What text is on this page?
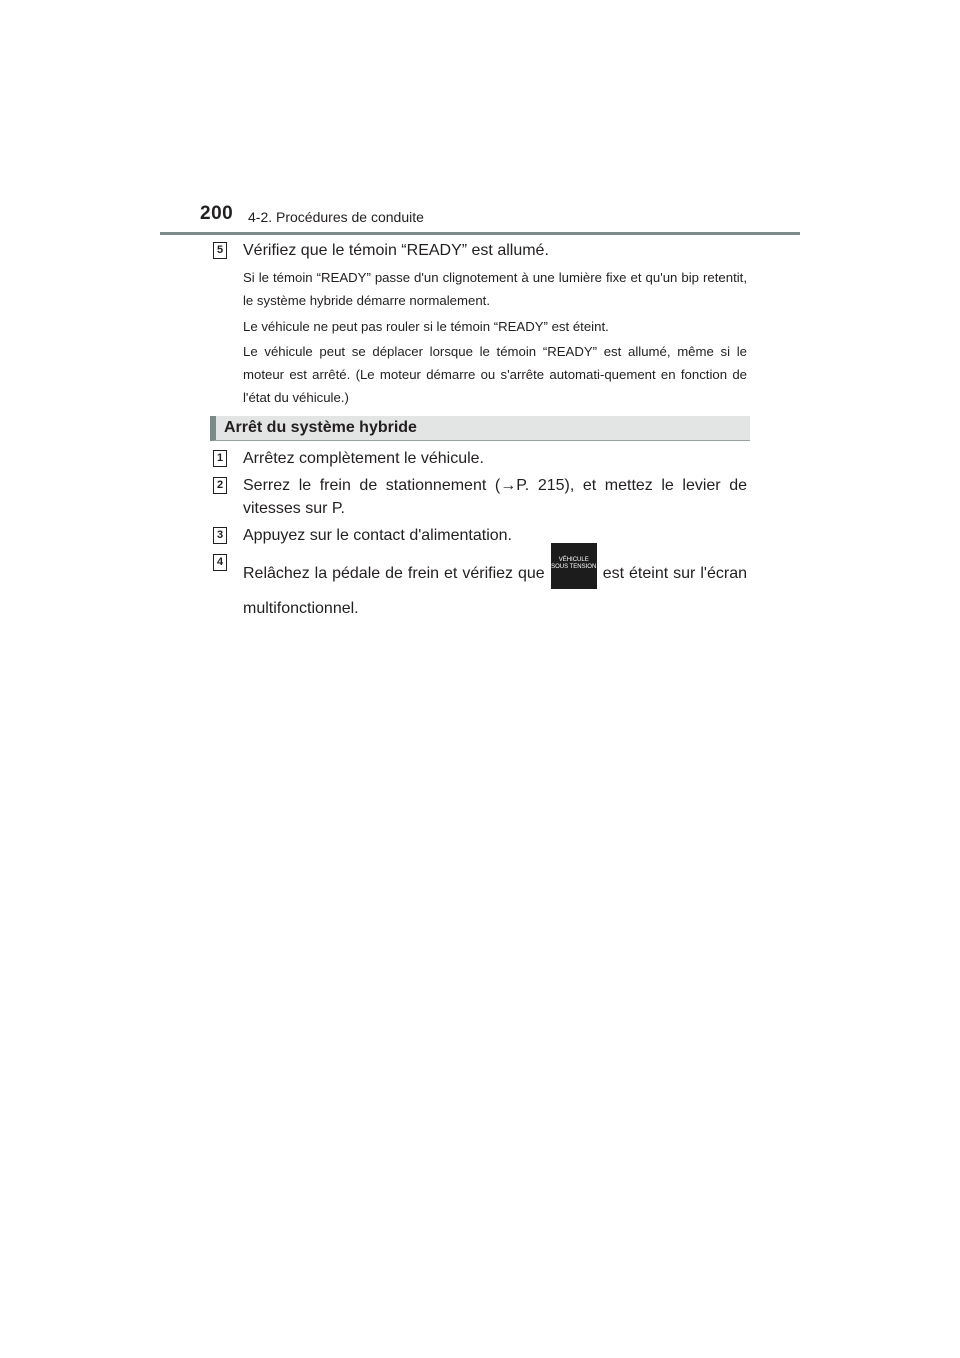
200 4-2. Procédures de conduite
5 Vérifiez que le témoin “READY” est allumé.
Si le témoin “READY” passe d'un clignotement à une lumière fixe et qu'un bip retentit, le système hybride démarre normalement.
Le véhicule ne peut pas rouler si le témoin “READY” est éteint.
Le véhicule peut se déplacer lorsque le témoin “READY” est allumé, même si le moteur est arrêté. (Le moteur démarre ou s'arrête automati-quement en fonction de l'état du véhicule.)
Arrêt du système hybride
1 Arrêtez complètement le véhicule.
2 Serrez le frein de stationnement (→P. 215), et mettez le levier de vitesses sur P.
3 Appuyez sur le contact d'alimentation.
4
Relâchez la pédale de frein et vérifiez que
VÉHICULE
SOUS TENSION est éteint sur l'écran multifonctionnel.
